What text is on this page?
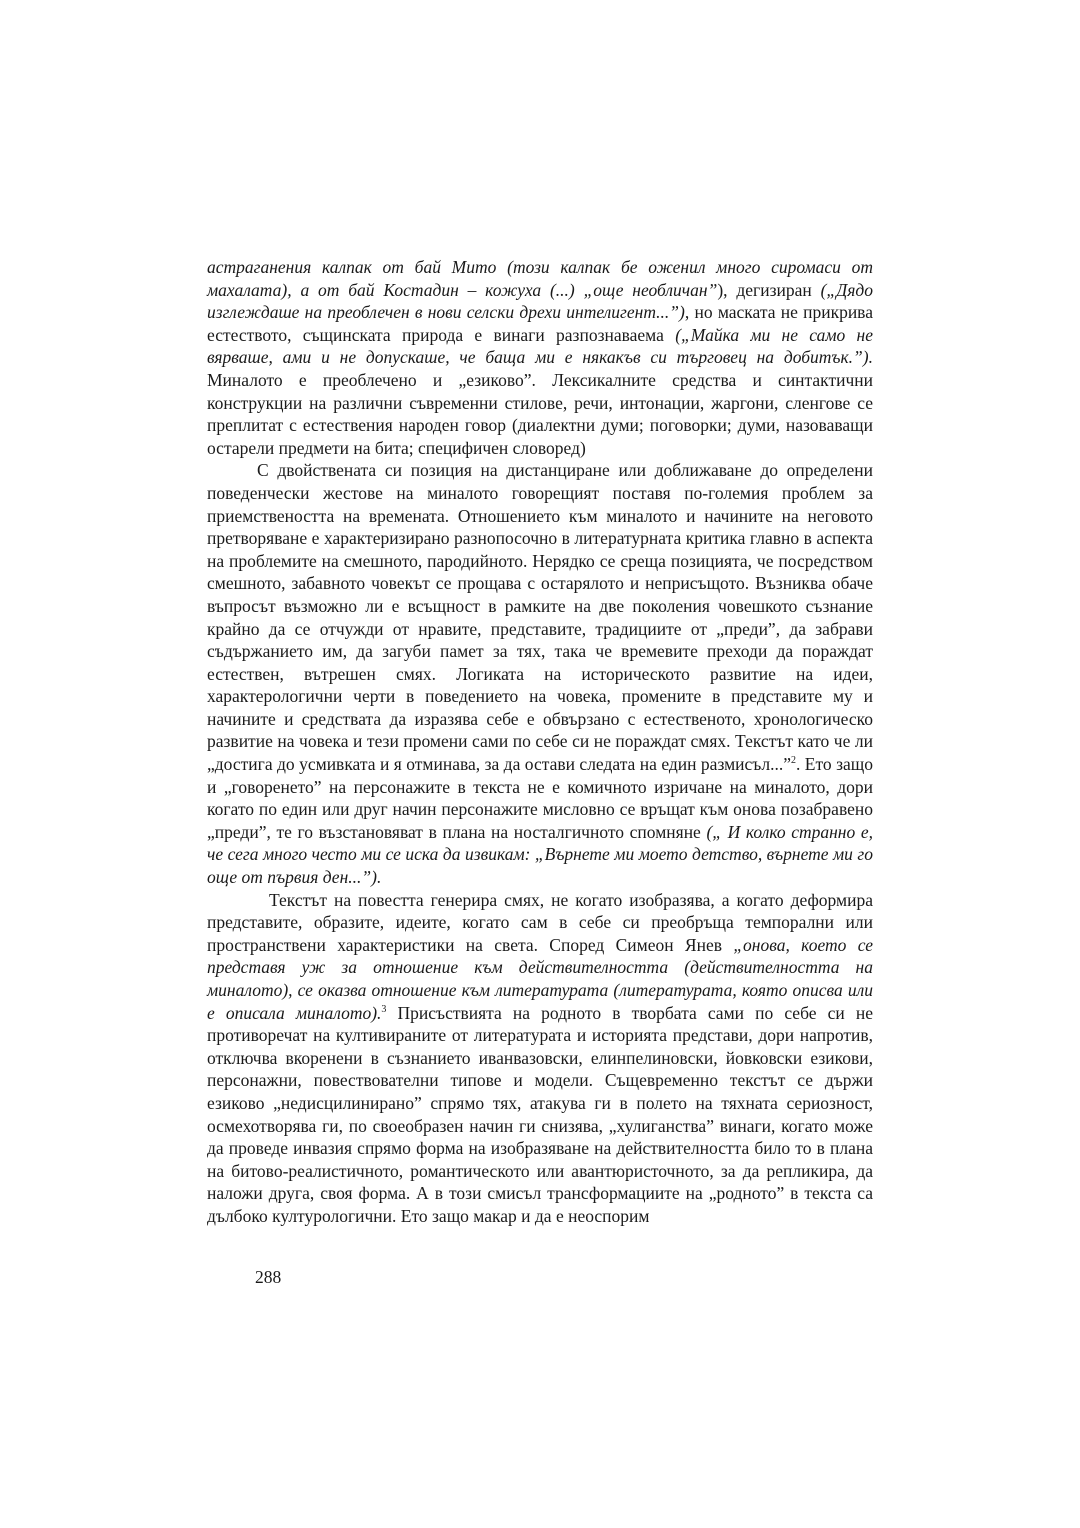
астраганения калпак от бай Мито (този калпак бе оженил много сиромаси от махалата), а от бай Костадин – кожуха (...) „още необличан”), дегизиран („Дядо изглеждаше на преоблечен в нови селски дрехи интелигент...”), но маската не прикрива естеството, същинската природа е винаги разпознаваема („Майка ми не само не вярваше, ами и не допускаше, че баща ми е някакъв си търговец на добитък.”). Миналото е преоблечено и „езиково”. Лексикалните средства и синтактични конструкции на различни съвременни стилове, речи, интонации, жаргони, сленгове се преплитат с естествения народен говор (диалектни думи; поговорки; думи, назоваващи остарели предмети на бита; специфичен словоред)

С двойствената си позиция на дистанциране или доближаване до определени поведенчески жестове на миналото говорещият поставя по-големия проблем за приемствеността на времената. Отношението към миналото и начините на неговото претворяване е характеризирано разнопосочно в литературната критика главно в аспекта на проблемите на смешното, пародийното. Нерядко се среща позицията, че посредством смешното, забавното човекът се прощава с остарялото и неприсъщото. Възниква обаче въпросът възможно ли е всъщност в рамките на две поколения човешкото съзнание крайно да се отчужди от нравите, представите, традициите от „преди”, да забрави съдържанието им, да загуби памет за тях, така че времевите преходи да пораждат естествен, вътрешен смях. Логиката на историческото развитие на идеи, характерологични черти в поведението на човека, промените в представите му и начините и средствата да изразява себе е обвързано с естественото, хронологическо развитие на човека и тези промени сами по себе си не пораждат смях. Текстът като че ли „достига до усмивката и я отминава, за да остави следата на един размисъл...”$^2$. Ето защо и „говоренето” на персонажите в текста не е комичното изричане на миналото, дори когато по един или друг начин персонажите мисловно се връщат към онова позабравено „преди”, те го възстановяват в плана на носталгичното спомняне („ И колко странно е, че сега много често ми се иска да извикам: „Върнете ми моето детство, върнете ми го още от първия ден...”).

Текстът на повестта генерира смях, не когато изобразява, а когато деформира представите, образите, идеите, когато сам в себе си преобръща темпорални или пространствени характеристики на света. Според Симеон Янев „онова, което се представя уж за отношение към действителността (действителността на миналото), се оказва отношение към литературата (литературата, която описва или е описала миналото).$^3$ Присъствията на родното в творбата сами по себе си не противоречат на култивираните от литературата и историята представи, дори напротив, отключва вкоренени в съзнанието иванвазовски, елинпелиновски, йовковски езикови, персонажни, повествователни типове и модели. Същевременно текстът се държи езиково „недисцилинирано” спрямо тях, атакува ги в полето на тяхната сериозност, осмехотворява ги, по своеобразен начин ги снизява, „хулиганства” винаги, когато може да проведе инвазия спрямо форма на изобразяване на действителността било то в плана на битово-реалистичното, романтическото или авантюристочното, за да репликира, да наложи друга, своя форма. А в този смисъл трансформациите на „родното” в текста са дълбоко културологични. Ето защо макар и да е неоспорим

288
